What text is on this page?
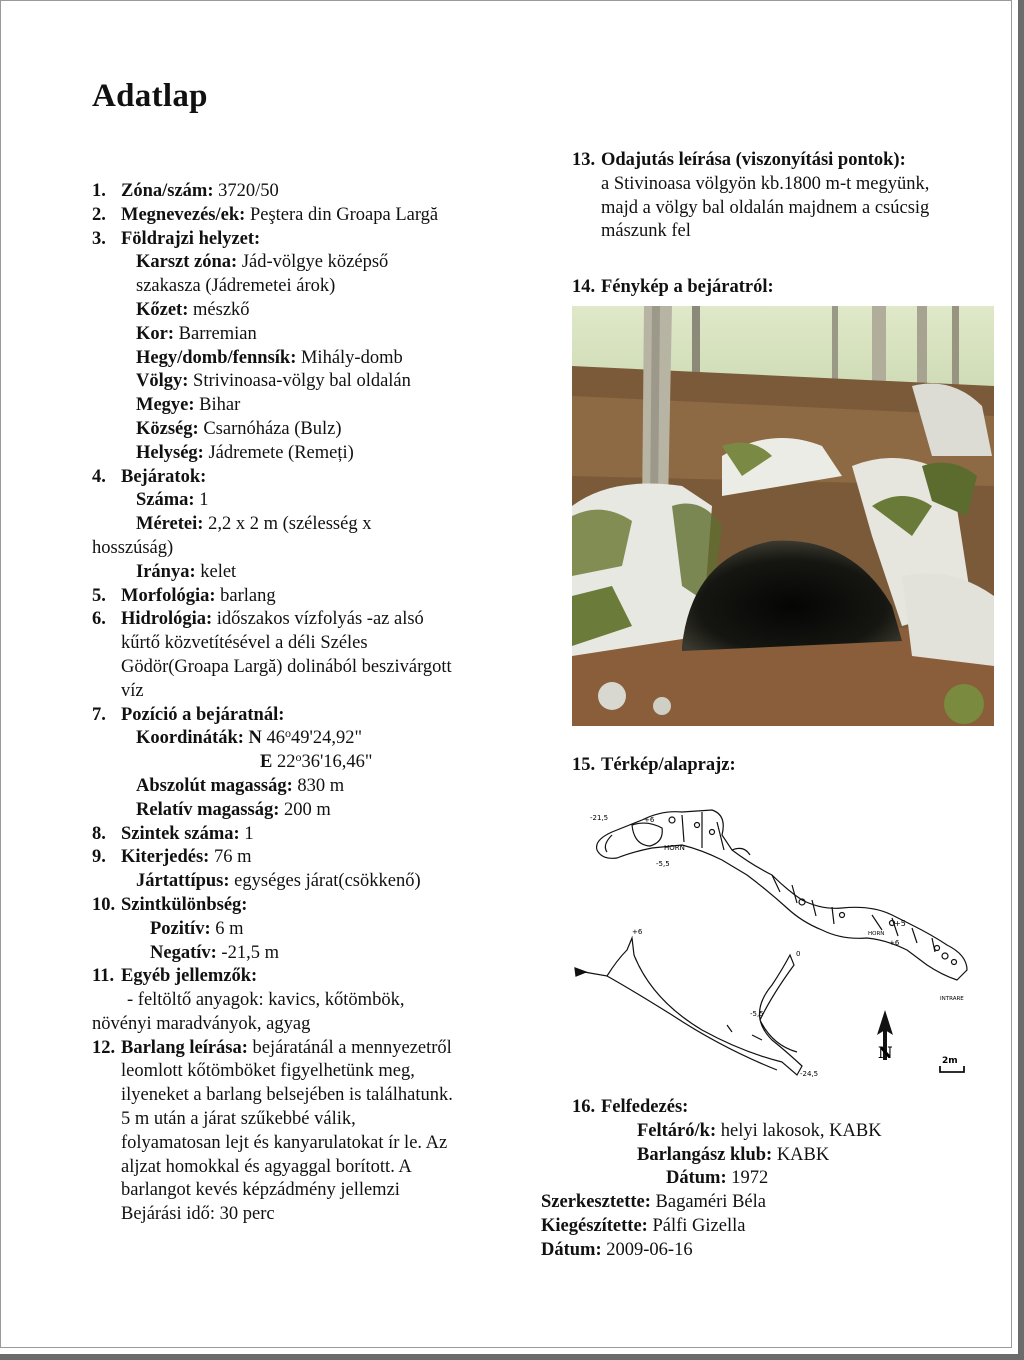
Adatlap
1. Zóna/szám: 3720/50
2. Megnevezés/ek: Peştera din Groapa Largă
3. Földrajzi helyzet:
Karszt zóna: Jád-völgye középső
szakasza (Jádremetei árok)
Kőzet: mészkő
Kor: Barremian
Hegy/domb/fennsík: Mihály-domb
Völgy: Strivinoasa-völgy bal oldalán
Megye: Bihar
Község: Csarnóháza (Bulz)
Helység: Jádremete (Remeți)
4. Bejáratok:
Száma: 1
Méretei: 2,2 x 2 m (szélesség x
hosszúság)
Iránya: kelet
5. Morfológia: barlang
6. Hidrológia: időszakos vízfolyás -az alsó
kűrtő közvetítésével a déli Széles
Gödör(Groapa Largă) dolinából beszivárgott
víz
7. Pozíció a bejáratnál:
Koordináták: N 46$^o$49'24,92"
E 22$^o$36'16,46"
Abszolút magasság: 830 m
Relatív magasság: 200 m
8. Szintek száma: 1
9. Kiterjedés: 76 m
Jártattípus: egységes járat(csökkenő)
10. Szintkülönbség:
Pozitív: 6 m
Negatív: -21,5 m
11. Egyéb jellemzők:
- feltöltő anyagok: kavics, kőtömbök,
növényi maradványok, agyag
12. Barlang leírása: bejáratánál a mennyezetről
leomlott kőtömböket figyelhetünk meg,
ilyeneket a barlang belsejében is találhatunk.
5 m után a járat szűkebbé válik,
folyamatosan lejt és kanyarulatokat ír le. Az
aljzat homokkal és agyaggal borított. A
barlangot kevés képzádmény jellemzi
Bejárási idő: 30 perc
13. Odajutás leírása (viszonyítási pontok):
a Stivinoasa völgyön kb.1800 m-t megyünk,
majd a völgy bal oldalán majdnem a csúcsig
mászunk fel
14. Fénykép a bejáratról:
15. Térkép/alaprajz:
-21,5	+6
-5,5
HORN
+5
+6
INTRARE
HORN
+6
0
-5,5
-24,5
N	2m
16. Felfedezés:
Feltáró/k: helyi lakosok, KABK
Barlangász klub: KABK
Dátum: 1972
Szerkesztette: Bagaméri Béla
Kiegészítette: Pálfi Gizella
Dátum: 2009-06-16
